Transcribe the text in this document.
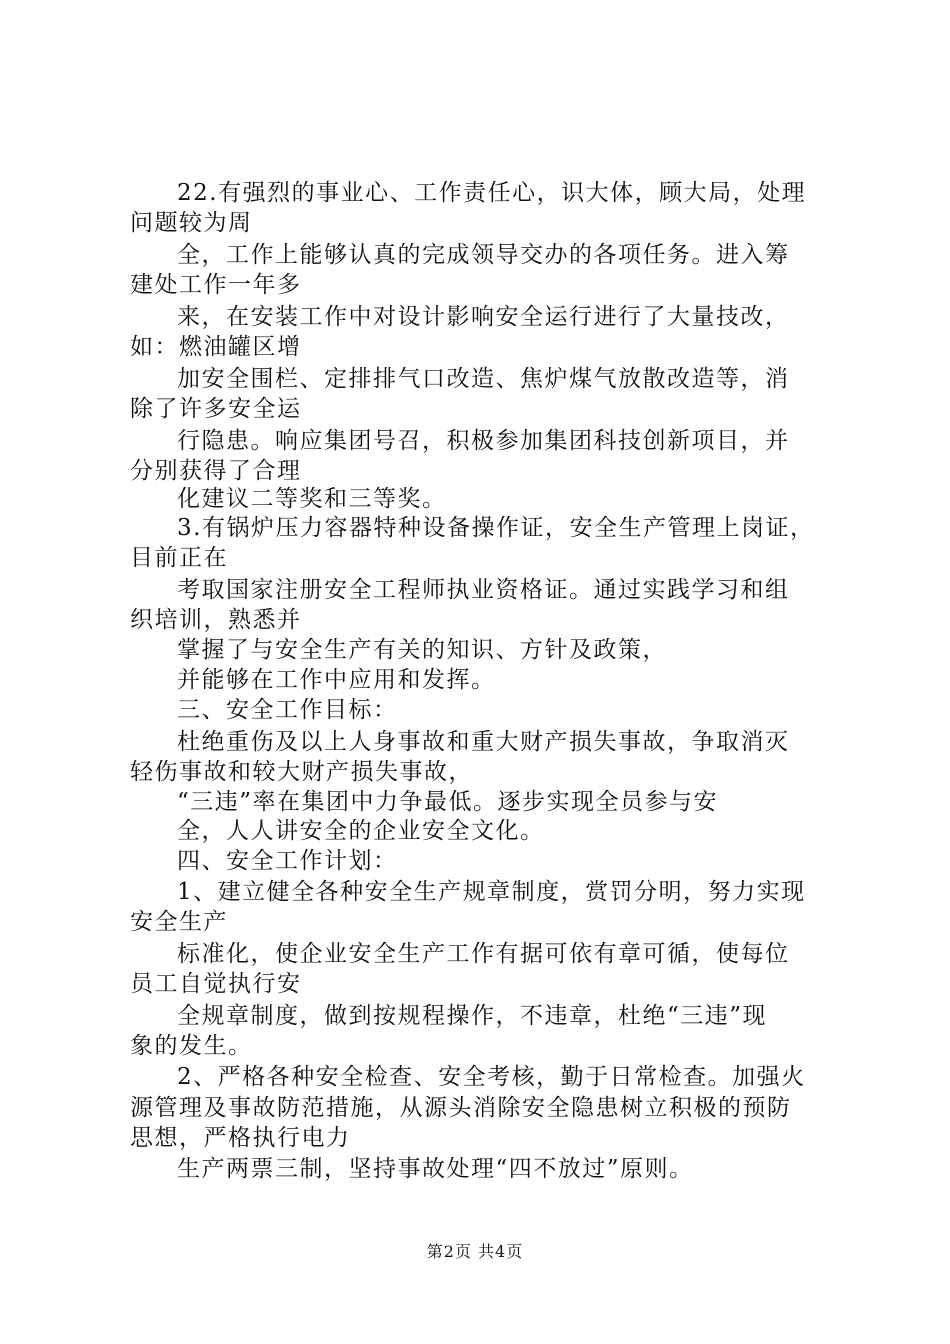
22.有强烈的事业心、工作责任心，识大体，顾大局，处理
问题较为周
全，工作上能够认真的完成领导交办的各项任务。进入筹
建处工作一年多
来，在安装工作中对设计影响安全运行进行了大量技改，
如：燃油罐区增
加安全围栏、定排排气口改造、焦炉煤气放散改造等，消
除了许多安全运
行隐患。响应集团号召，积极参加集团科技创新项目，并
分别获得了合理
化建议二等奖和三等奖。
3.有锅炉压力容器特种设备操作证，安全生产管理上岗证，
目前正在
考取国家注册安全工程师执业资格证。通过实践学习和组
织培训，熟悉并
掌握了与安全生产有关的知识、方针及政策，
并能够在工作中应用和发挥。
三、安全工作目标：
杜绝重伤及以上人身事故和重大财产损失事故，争取消灭
轻伤事故和较大财产损失事故，
“三违”率在集团中力争最低。逐步实现全员参与安
全，人人讲安全的企业安全文化。
四、安全工作计划：
1、建立健全各种安全生产规章制度，赏罚分明，努力实现
安全生产
标准化，使企业安全生产工作有据可依有章可循，使每位
员工自觉执行安
全规章制度，做到按规程操作，不违章，杜绝“三违”现
象的发生。
2、严格各种安全检查、安全考核，勤于日常检查。加强火
源管理及事故防范措施，从源头消除安全隐患树立积极的预防
思想，严格执行电力
生产两票三制，坚持事故处理“四不放过”原则。
第2页 共4页
